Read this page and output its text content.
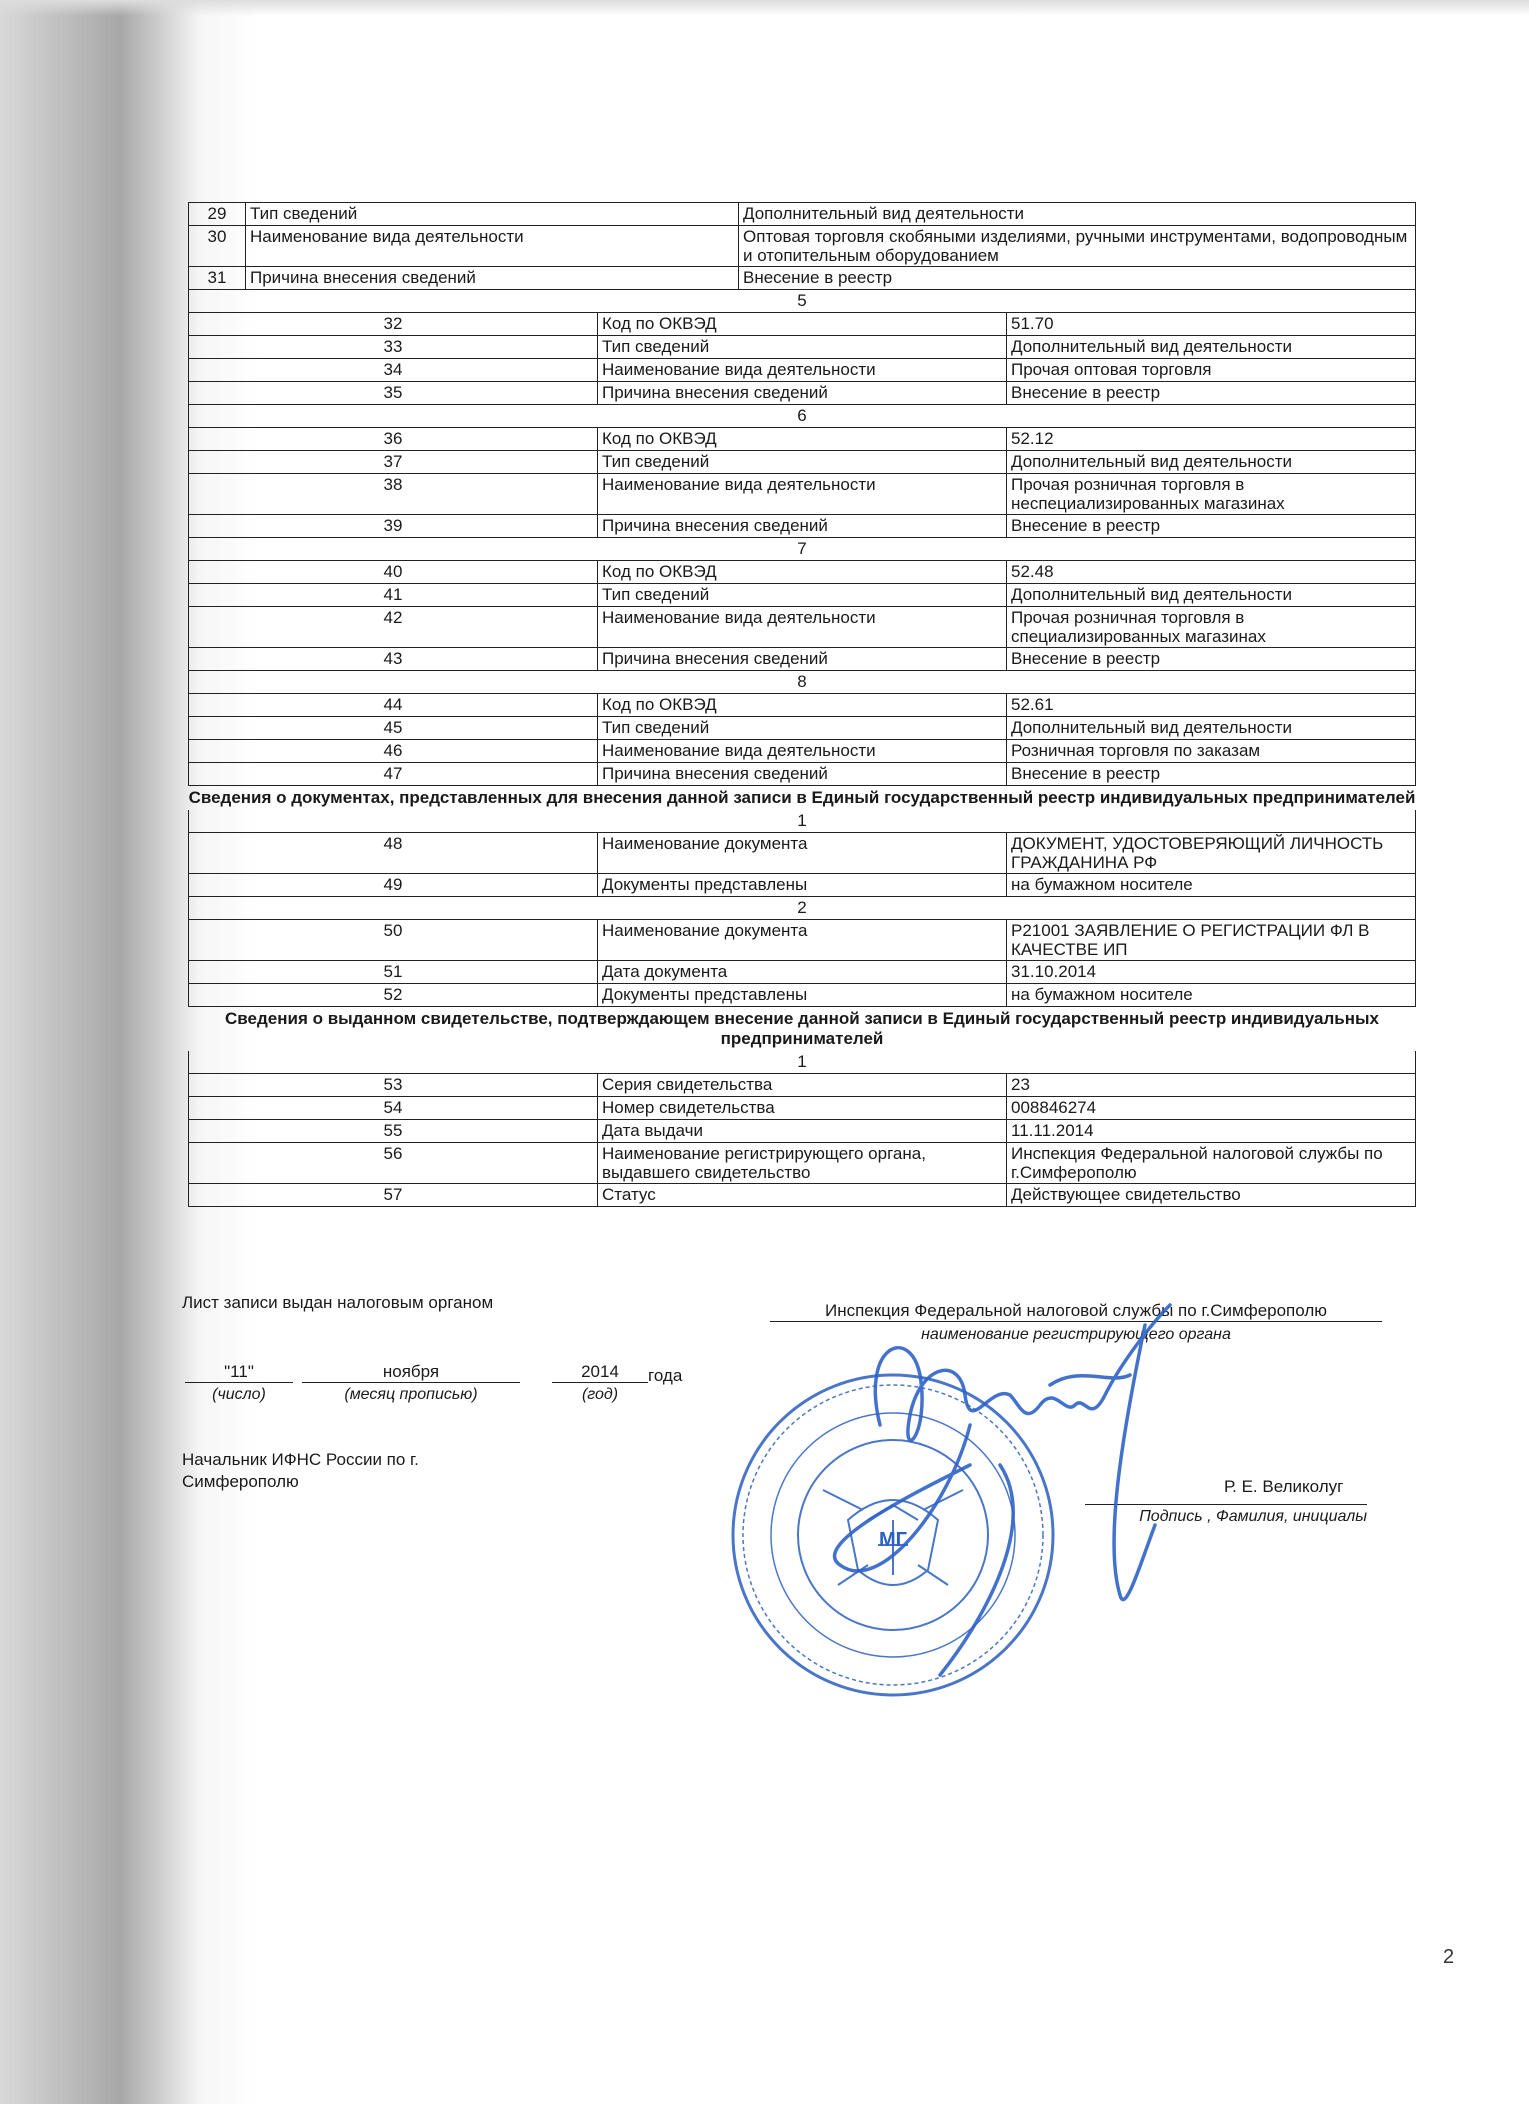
29	Тип сведений	Дополнительный вид деятельности
30	Наименование вида деятельности	Оптовая торговля скобяными изделиями, ручными инструментами, водопроводным и отопительным оборудованием
31	Причина внесения сведений	Внесение в реестр
5		
32	Код по ОКВЭД	51.70
33	Тип сведений	Дополнительный вид деятельности
34	Наименование вида деятельности	Прочая оптовая торговля
35	Причина внесения сведений	Внесение в реестр
6		
36	Код по ОКВЭД	52.12
37	Тип сведений	Дополнительный вид деятельности
38	Наименование вида деятельности	Прочая розничная торговля в неспециализированных магазинах
39	Причина внесения сведений	Внесение в реестр
7		
40	Код по ОКВЭД	52.48
41	Тип сведений	Дополнительный вид деятельности
42	Наименование вида деятельности	Прочая розничная торговля в специализированных магазинах
43	Причина внесения сведений	Внесение в реестр
8		
44	Код по ОКВЭД	52.61
45	Тип сведений	Дополнительный вид деятельности
46	Наименование вида деятельности	Розничная торговля по заказам
47	Причина внесения сведений	Внесение в реестр
Сведения о документах, представленных для внесения данной записи в Единый государственный реестр индивидуальных предпринимателей
1		
48	Наименование документа	ДОКУМЕНТ, УДОСТОВЕРЯЮЩИЙ ЛИЧНОСТЬ ГРАЖДАНИНА РФ
49	Документы представлены	на бумажном носителе
2		
50	Наименование документа	Р21001 ЗАЯВЛЕНИЕ О РЕГИСТРАЦИИ ФЛ В КАЧЕСТВЕ ИП
51	Дата документа	31.10.2014
52	Документы представлены	на бумажном носителе
Сведения о выданном свидетельстве, подтверждающем внесение данной записи в Единый государственный реестр индивидуальных предпринимателей
1		
53	Серия свидетельства	23
54	Номер свидетельства	008846274
55	Дата выдачи	11.11.2014
56	Наименование регистрирующего органа, выдавшего свидетельство	Инспекция Федеральной налоговой службы по г.Симферополю
57	Статус	Действующее свидетельство
Лист записи выдан налоговым органом	Инспекция Федеральной налоговой службы по г.Симферополю
наименование регистрирующего органа
"11"
(число)
ноября
(месяц прописью)
2014
(год)
года
Начальник ИФНС России по г.
Симферополю	Р. Е. Великолуг
Подпись , Фамилия, инициалы
МГ
2
